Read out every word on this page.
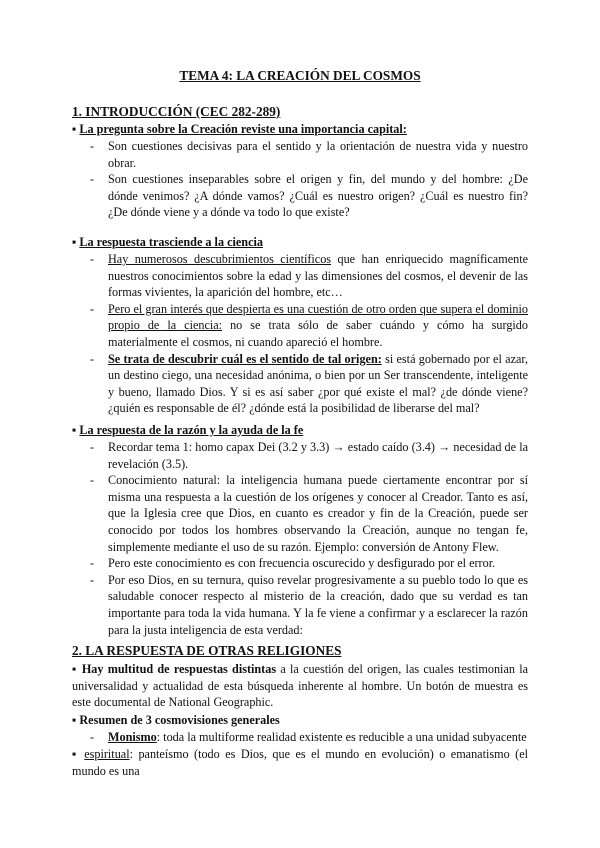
TEMA 4: LA CREACIÓN DEL COSMOS
1. INTRODUCCIÓN (CEC 282-289)
▪ La pregunta sobre la Creación reviste una importancia capital:
- Son cuestiones decisivas para el sentido y la orientación de nuestra vida y nuestro obrar.
- Son cuestiones inseparables sobre el origen y fin, del mundo y del hombre: ¿De dónde venimos? ¿A dónde vamos? ¿Cuál es nuestro origen? ¿Cuál es nuestro fin? ¿De dónde viene y a dónde va todo lo que existe?
▪ La respuesta trasciende a la ciencia
- Hay numerosos descubrimientos científicos que han enriquecido magníficamente nuestros conocimientos sobre la edad y las dimensiones del cosmos, el devenir de las formas vivientes, la aparición del hombre, etc…
- Pero el gran interés que despierta es una cuestión de otro orden que supera el dominio propio de la ciencia: no se trata sólo de saber cuándo y cómo ha surgido materialmente el cosmos, ni cuando apareció el hombre.
- Se trata de descubrir cuál es el sentido de tal origen: si está gobernado por el azar, un destino ciego, una necesidad anónima, o bien por un Ser transcendente, inteligente y bueno, llamado Dios. Y si es así saber ¿por qué existe el mal? ¿de dónde viene? ¿quién es responsable de él? ¿dónde está la posibilidad de liberarse del mal?
▪ La respuesta de la razón y la ayuda de la fe
- Recordar tema 1: homo capax Dei (3.2 y 3.3) → estado caído (3.4) → necesidad de la revelación (3.5).
- Conocimiento natural: la inteligencia humana puede ciertamente encontrar por sí misma una respuesta a la cuestión de los orígenes y conocer al Creador. Tanto es así, que la Iglesia cree que Dios, en cuanto es creador y fin de la Creación, puede ser conocido por todos los hombres observando la Creación, aunque no tengan fe, simplemente mediante el uso de su razón. Ejemplo: conversión de Antony Flew.
- Pero este conocimiento es con frecuencia oscurecido y desfigurado por el error.
- Por eso Dios, en su ternura, quiso revelar progresivamente a su pueblo todo lo que es saludable conocer respecto al misterio de la creación, dado que su verdad es tan importante para toda la vida humana. Y la fe viene a confirmar y a esclarecer la razón para la justa inteligencia de esta verdad:
2. LA RESPUESTA DE OTRAS RELIGIONES
▪ Hay multitud de respuestas distintas a la cuestión del origen, las cuales testimonian la universalidad y actualidad de esta búsqueda inherente al hombre. Un botón de muestra es este documental de National Geographic.
▪ Resumen de 3 cosmovisiones generales
- Monismo: toda la multiforme realidad existente es reducible a una unidad subyacente
▪ espiritual: panteísmo (todo es Dios, que es el mundo en evolución) o emanatismo (el mundo es una
